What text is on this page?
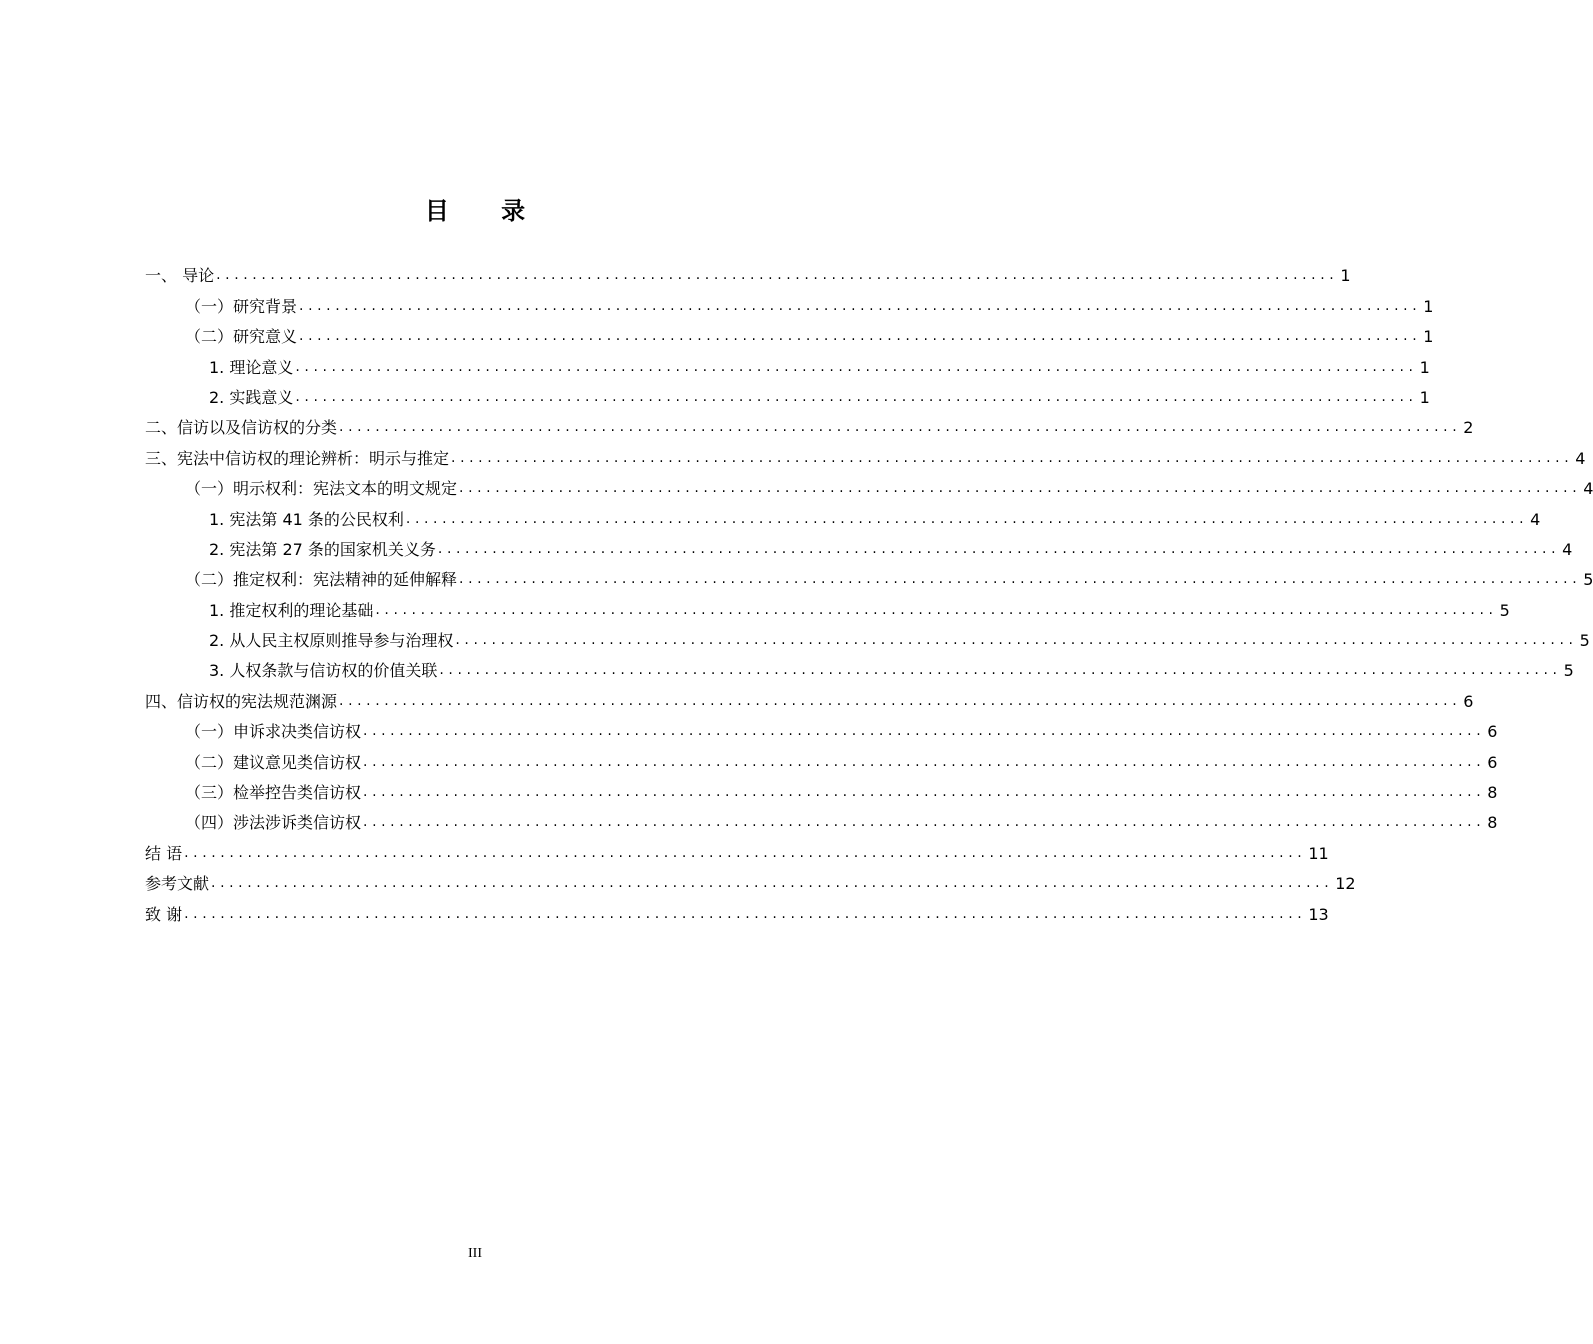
目 录
一、 导论 ............................................................................................................................ 1
（一）研究背景 ............................................................................................................................ 1
（二）研究意义 ............................................................................................................................ 1
1. 理论意义 ............................................................................................................................ 1
2. 实践意义 ............................................................................................................................ 1
二、信访以及信访权的分类 ............................................................................................................................ 2
三、宪法中信访权的理论辨析：明示与推定 ............................................................................................................................ 4
（一）明示权利：宪法文本的明文规定 ............................................................................................................................ 4
1. 宪法第 41 条的公民权利 ............................................................................................................................ 4
2. 宪法第 27 条的国家机关义务 ............................................................................................................................ 4
（二）推定权利：宪法精神的延伸解释 ............................................................................................................................ 5
1. 推定权利的理论基础 ............................................................................................................................ 5
2. 从人民主权原则推导参与治理权 ............................................................................................................................ 5
3. 人权条款与信访权的价值关联 ............................................................................................................................ 5
四、信访权的宪法规范渊源 ............................................................................................................................ 6
（一）申诉求决类信访权 ............................................................................................................................ 6
（二）建议意见类信访权 ............................................................................................................................ 6
（三）检举控告类信访权 ............................................................................................................................ 8
（四）涉法涉诉类信访权 ............................................................................................................................ 8
结 语 ............................................................................................................................ 11
参考文献 ............................................................................................................................ 12
致 谢 ............................................................................................................................ 13
III
